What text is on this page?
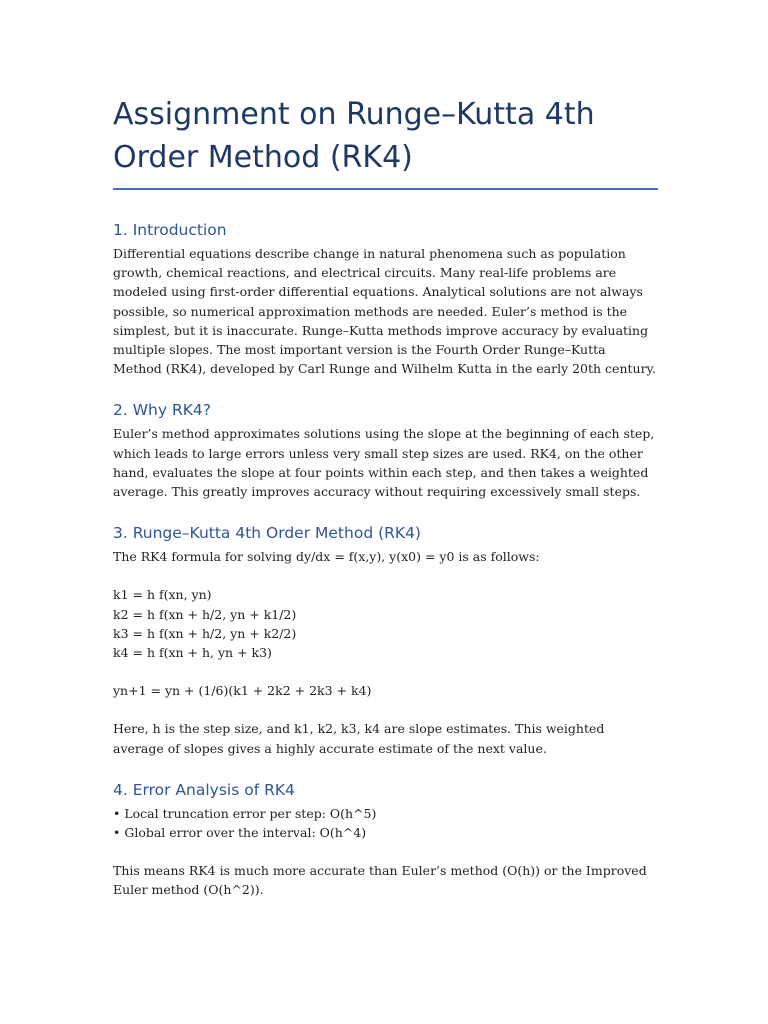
Assignment on Runge–Kutta 4th Order Method (RK4)
1. Introduction

Differential equations describe change in natural phenomena such as population growth, chemical reactions, and electrical circuits. Many real-life problems are modeled using first-order differential equations. Analytical solutions are not always possible, so numerical approximation methods are needed. Euler’s method is the simplest, but it is inaccurate. Runge–Kutta methods improve accuracy by evaluating multiple slopes. The most important version is the Fourth Order Runge–Kutta Method (RK4), developed by Carl Runge and Wilhelm Kutta in the early 20th century.

2. Why RK4?

Euler’s method approximates solutions using the slope at the beginning of each step, which leads to large errors unless very small step sizes are used. RK4, on the other hand, evaluates the slope at four points within each step, and then takes a weighted average. This greatly improves accuracy without requiring excessively small steps.

3. Runge–Kutta 4th Order Method (RK4)

The RK4 formula for solving dy/dx = f(x,y), y(x0) = y0 is as follows:

k1 = h f(xn, yn)
k2 = h f(xn + h/2, yn + k1/2)
k3 = h f(xn + h/2, yn + k2/2)
k4 = h f(xn + h, yn + k3)
yn+1 = yn + (1/6)(k1 + 2k2 + 2k3 + k4)

Here, h is the step size, and k1, k2, k3, k4 are slope estimates. This weighted average of slopes gives a highly accurate estimate of the next value.

4. Error Analysis of RK4
• Local truncation error per step: O(h^5)
• Global error over the interval: O(h^4)

This means RK4 is much more accurate than Euler’s method (O(h)) or the Improved Euler method (O(h^2)).
